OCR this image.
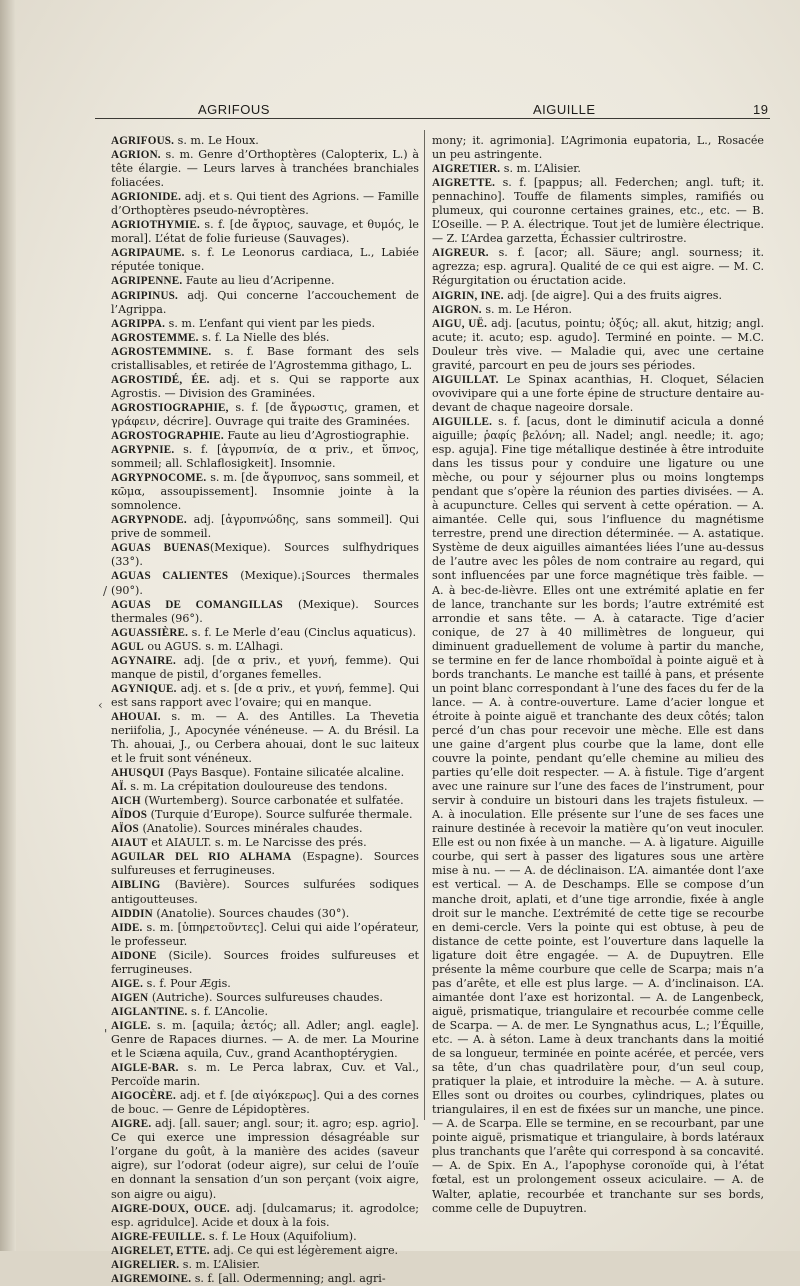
AGRIFOUS	AIGUILLE	19

AGRIFOUS. s. m. Le Houx.

AGRION. s. m. Genre d’Orthoptères (Calopterix, L.) à tête élargie. — Leurs larves à tranchées branchiales foliacées.

AGRIONIDE. adj. et s. Qui tient des Agrions. — Famille d’Orthoptères pseudo-névroptères.

AGRIOTHYMIE. s. f. [de ἄγριος, sauvage, et θυμός, le moral]. L’état de folie furieuse (Sauvages).

AGRIPAUME. s. f. Le Leonorus cardiaca, L., Labiée réputée tonique.

AGRIPENNE. Faute au lieu d’Acripenne.

AGRIPINUS. adj. Qui concerne l’accouchement de l’Agrippa.

AGRIPPA. s. m. L’enfant qui vient par les pieds.

AGROSTEMME. s. f. La Nielle des blés.

AGROSTEMMINE. s. f. Base formant des sels cristallisables, et retirée de l’Agrostemma githago, L.

AGROSTIDÉ, ÉE. adj. et s. Qui se rapporte aux Agrostis. — Division des Graminées.

AGROSTIOGRAPHIE, s. f. [de ἄγρωστις, gramen, et γράφειν, décrire]. Ouvrage qui traite des Graminées.

AGROSTOGRAPHIE. Faute au lieu d’Agrostiographie.

AGRYPNIE. s. f. [ἀγρυπνία, de α priv., et ὕπνος, sommeil; all. Schlaflosigkeit]. Insomnie.

AGRYPNOCOME. s. m. [de ἄγρυπνος, sans sommeil, et κῶμα, assoupissement]. Insomnie jointe à la somnolence.

AGRYPNODE. adj. [ἀγρυπνώδης, sans sommeil]. Qui prive de sommeil.

AGUAS BUENAS(Mexique). Sources sulfhydriques (33°).

AGUAS CALIENTES (Mexique).¡Sources thermales (90°).

AGUAS DE COMANGILLAS (Mexique). Sources thermales (96°).

AGUASSIÈRE. s. f. Le Merle d’eau (Cinclus aquaticus).

AGUL ou AGUS. s. m. L’Alhagi.

AGYNAIRE. adj. [de α priv., et γυνή, femme). Qui manque de pistil, d’organes femelles.

AGYNIQUE. adj. et s. [de α priv., et γυνή, femme]. Qui est sans rapport avec l’ovaire; qui en manque.

AHOUAI. s. m. — A. des Antilles. La Thevetia neriifolia, J., Apocynée vénéneuse. — A. du Brésil. La Th. ahouai, J., ou Cerbera ahouai, dont le suc laiteux et le fruit sont vénéneux.

AHUSQUI (Pays Basque). Fontaine silicatée alcaline.

AÏ. s. m. La crépitation douloureuse des tendons.

AICH (Wurtemberg). Source carbonatée et sulfatée.

AÏDOS (Turquie d’Europe). Source sulfurée thermale.

AÏOS (Anatolie). Sources minérales chaudes.

AIAUT et AIAULT. s. m. Le Narcisse des prés.

AGUILAR DEL RIO ALHAMA (Espagne). Sources sulfureuses et ferrugineuses.

AIBLING (Bavière). Sources sulfurées sodiques antigoutteuses.

AIDDIN (Anatolie). Sources chaudes (30°).

AIDE. s. m. [ὑπηρετοῦντες]. Celui qui aide l’opérateur, le professeur.

AIDONE (Sicile). Sources froides sulfureuses et ferrugineuses.

AIGE. s. f. Pour Ægis.

AIGEN (Autriche). Sources sulfureuses chaudes.

AIGLANTINE. s. f. L’Ancolie.

AIGLE. s. m. [aquila; ἀετός; all. Adler; angl. eagle]. Genre de Rapaces diurnes. — A. de mer. La Mourine et le Sciæna aquila, Cuv., grand Acanthoptérygien.

AIGLE-BAR. s. m. Le Perca labrax, Cuv. et Val., Percoïde marin.

AIGOCÈRE. adj. et f. [de αἰγόκερως]. Qui a des cornes de bouc. — Genre de Lépidoptères.

AIGRE. adj. [all. sauer; angl. sour; it. agro; esp. agrio]. Ce qui exerce une impression désagréable sur l’organe du goût, à la manière des acides (saveur aigre), sur l’odorat (odeur aigre), sur celui de l’ouïe en donnant la sensation d’un son perçant (voix aigre, son aigre ou aigu).

AIGRE-DOUX, OUCE. adj. [dulcamarus; it. agrodolce; esp. agridulce]. Acide et doux à la fois.

AIGRE-FEUILLE. s. f. Le Houx (Aquifolium).

AIGRELET, ETTE. adj. Ce qui est légèrement aigre.

AIGRELIER. s. m. L’Alisier.

AIGREMOINE. s. f. [all. Odermenning; angl. agri-

mony; it. agrimonia]. L’Agrimonia eupatoria, L., Rosacée un peu astringente.

AIGRETIER. s. m. L’Alisier.

AIGRETTE. s. f. [pappus; all. Federchen; angl. tuft; it. pennachino]. Touffe de filaments simples, ramifiés ou plumeux, qui couronne certaines graines, etc., etc. — B. L’Oseille. — P. A. électrique. Tout jet de lumière électrique. — Z. L’Ardea garzetta, Échassier cultrirostre.

AIGREUR. s. f. [acor; all. Säure; angl. sourness; it. agrezza; esp. agrura]. Qualité de ce qui est aigre. — M. C. Régurgitation ou éructation acide.

AIGRIN, INE. adj. [de aigre]. Qui a des fruits aigres.

AIGRON. s. m. Le Héron.

AIGU, UË. adj. [acutus, pointu; ὀξύς; all. akut, hitzig; angl. acute; it. acuto; esp. agudo]. Terminé en pointe. — M.C. Douleur très vive. — Maladie qui, avec une certaine gravité, parcourt en peu de jours ses périodes.

AIGUILLAT. Le Spinax acanthias, H. Cloquet, Sélacien ovovivipare qui a une forte épine de structure dentaire au-devant de chaque nageoire dorsale.

AIGUILLE. s. f. [acus, dont le diminutif acicula a donné aiguille; ῥαφίς βελόνη; all. Nadel; angl. needle; it. ago; esp. aguja]. Fine tige métallique destinée à être introduite dans les tissus pour y conduire une ligature ou une mèche, ou pour y séjourner plus ou moins longtemps pendant que s’opère la réunion des parties divisées. — A. à acupuncture. Celles qui servent à cette opération. — A. aimantée. Celle qui, sous l’influence du magnétisme terrestre, prend une direction déterminée. — A. astatique. Système de deux aiguilles aimantées liées l’une au-dessus de l’autre avec les pôles de nom contraire au regard, qui sont influencées par une force magnétique très faible. — A. à bec-de-lièvre. Elles ont une extrémité aplatie en fer de lance, tranchante sur les bords; l’autre extrémité est arrondie et sans tête. — A. à cataracte. Tige d’acier conique, de 27 à 40 millimètres de longueur, qui diminuent graduellement de volume à partir du manche, se termine en fer de lance rhomboïdal à pointe aiguë et à bords tranchants. Le manche est taillé à pans, et présente un point blanc correspondant à l’une des faces du fer de la lance. — A. à contre-ouverture. Lame d’acier longue et étroite à pointe aiguë et tranchante des deux côtés; talon percé d’un chas pour recevoir une mèche. Elle est dans une gaine d’argent plus courbe que la lame, dont elle couvre la pointe, pendant qu’elle chemine au milieu des parties qu’elle doit respecter. — A. à fistule. Tige d’argent avec une rainure sur l’une des faces de l’instrument, pour servir à conduire un bistouri dans les trajets fistuleux. — A. à inoculation. Elle présente sur l’une de ses faces une rainure destinée à recevoir la matière qu’on veut inoculer. Elle est ou non fixée à un manche. — A. à ligature. Aiguille courbe, qui sert à passer des ligatures sous une artère mise à nu. — — A. de déclinaison. L’A. aimantée dont l’axe est vertical. — A. de Deschamps. Elle se compose d’un manche droit, aplati, et d’une tige arrondie, fixée à angle droit sur le manche. L’extrémité de cette tige se recourbe en demi-cercle. Vers la pointe qui est obtuse, à peu de distance de cette pointe, est l’ouverture dans laquelle la ligature doit être engagée. — A. de Dupuytren. Elle présente la même courbure que celle de Scarpa; mais n’a pas d’arête, et elle est plus large. — A. d’inclinaison. L’A. aimantée dont l’axe est horizontal. — A. de Langenbeck, aiguë, prismatique, triangulaire et recourbée comme celle de Scarpa. — A. de mer. Le Syngnathus acus, L.; l’Équille, etc. — A. à séton. Lame à deux tranchants dans la moitié de sa longueur, terminée en pointe acérée, et percée, vers sa tête, d’un chas quadrilatère pour, d’un seul coup, pratiquer la plaie, et introduire la mèche. — A. à suture. Elles sont ou droites ou courbes, cylindriques, plates ou triangulaires, il en est de fixées sur un manche, une pince. — A. de Scarpa. Elle se termine, en se recourbant, par une pointe aiguë, prismatique et triangulaire, à bords latéraux plus tranchants que l’arête qui correspond à sa concavité. — A. de Spix. En A., l’apophyse coronoïde qui, à l’état fœtal, est un prolongement osseux aciculaire. — A. de Walter, aplatie, recourbée et tranchante sur ses bords, comme celle de Dupuytren.

/
'
‹
